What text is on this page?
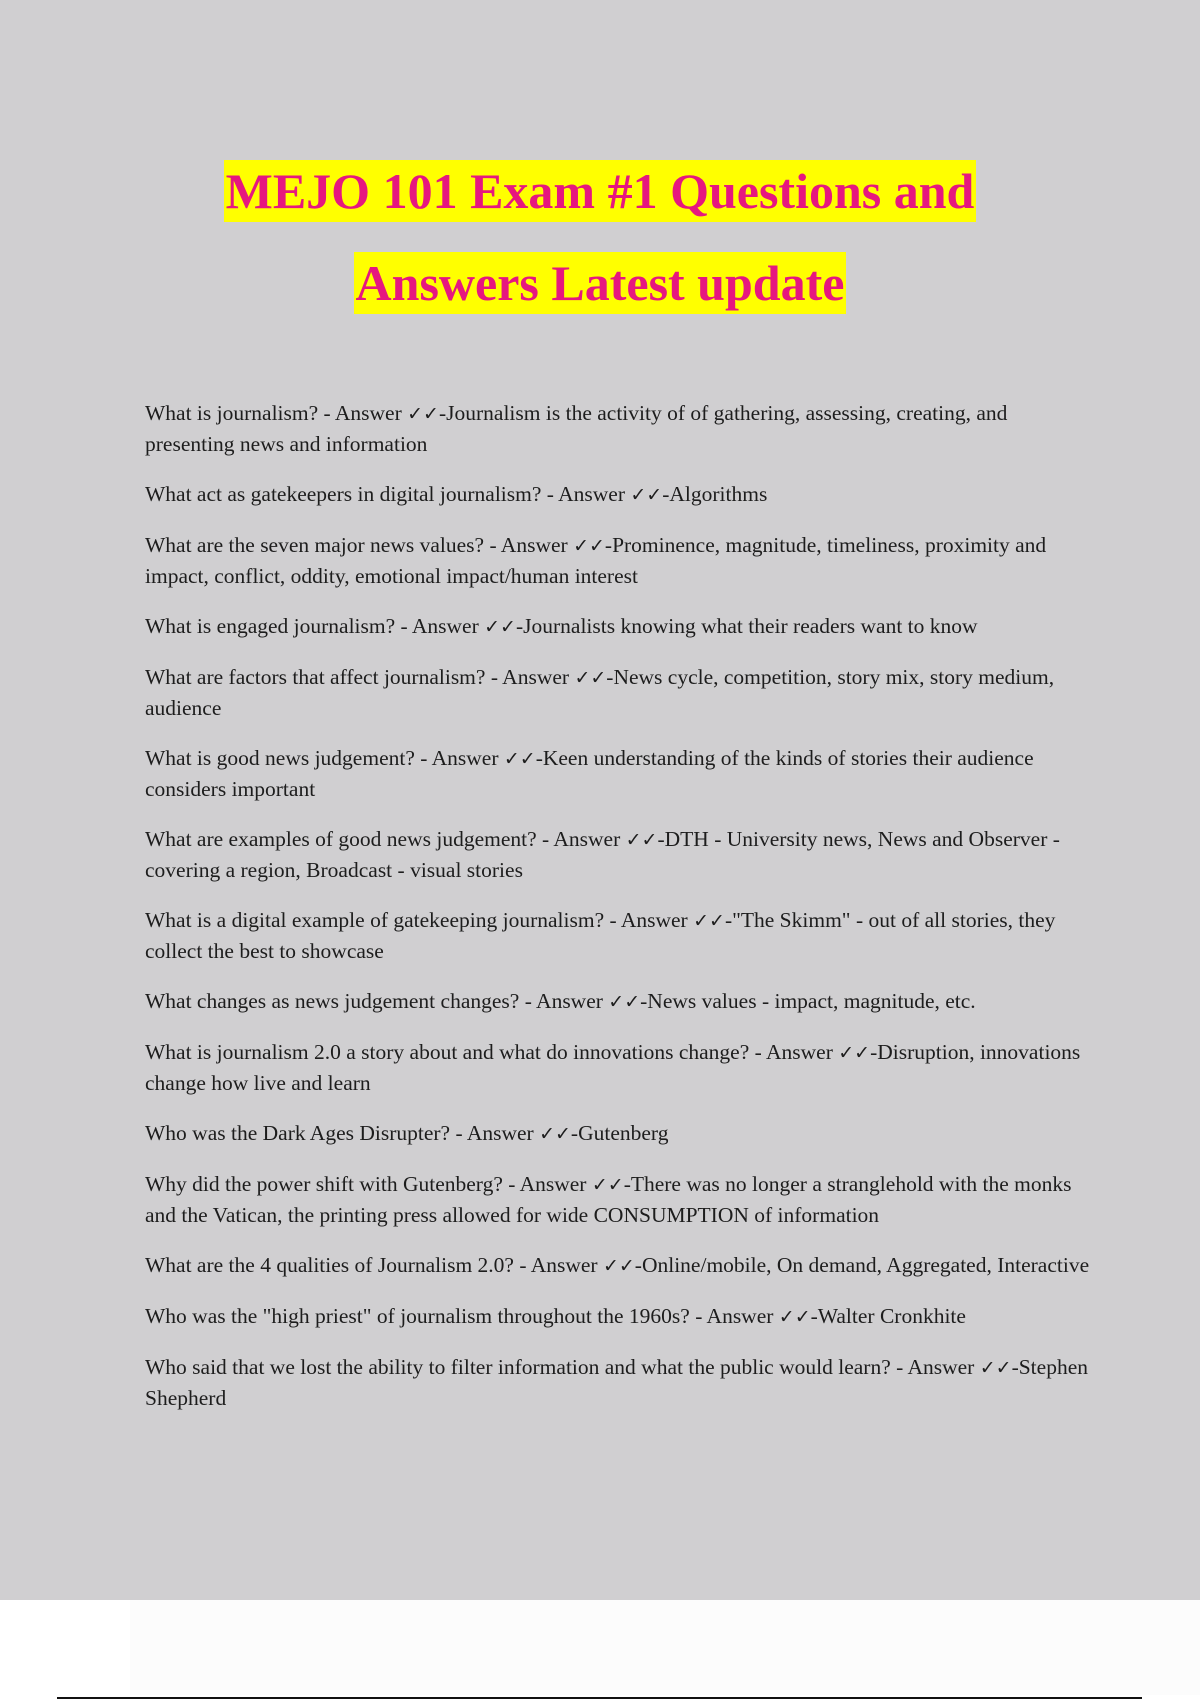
MEJO 101 Exam #1 Questions and
Answers Latest update
What is journalism? - Answer ✓✓-Journalism is the activity of of gathering, assessing, creating, and presenting news and information
What act as gatekeepers in digital journalism? - Answer ✓✓-Algorithms
What are the seven major news values? - Answer ✓✓-Prominence, magnitude, timeliness, proximity and impact, conflict, oddity, emotional impact/human interest
What is engaged journalism? - Answer ✓✓-Journalists knowing what their readers want to know
What are factors that affect journalism? - Answer ✓✓-News cycle, competition, story mix, story medium, audience
What is good news judgement? - Answer ✓✓-Keen understanding of the kinds of stories their audience considers important
What are examples of good news judgement? - Answer ✓✓-DTH - University news, News and Observer - covering a region, Broadcast - visual stories
What is a digital example of gatekeeping journalism? - Answer ✓✓-"The Skimm" - out of all stories, they collect the best to showcase
What changes as news judgement changes? - Answer ✓✓-News values - impact, magnitude, etc.
What is journalism 2.0 a story about and what do innovations change? - Answer ✓✓-Disruption, innovations change how live and learn
Who was the Dark Ages Disrupter? - Answer ✓✓-Gutenberg
Why did the power shift with Gutenberg? - Answer ✓✓-There was no longer a stranglehold with the monks and the Vatican, the printing press allowed for wide CONSUMPTION of information
What are the 4 qualities of Journalism 2.0? - Answer ✓✓-Online/mobile, On demand, Aggregated, Interactive
Who was the "high priest" of journalism throughout the 1960s? - Answer ✓✓-Walter Cronkhite
Who said that we lost the ability to filter information and what the public would learn? - Answer ✓✓-Stephen Shepherd
